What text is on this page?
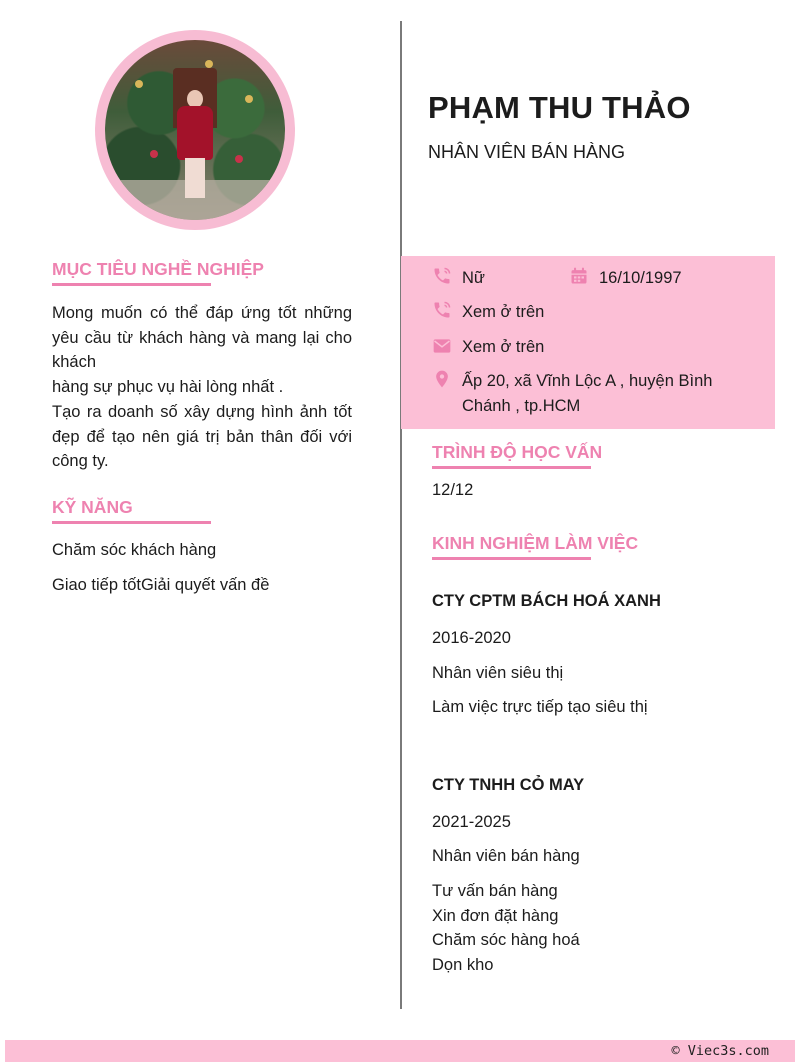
MỤC TIÊU NGHỀ NGHIỆP

Mong muốn có thể đáp ứng tốt những yêu cầu từ khách hàng và mang lại cho khách

hàng sự phục vụ hài lòng nhất .

Tạo ra doanh số xây dựng hình ảnh tốt đẹp để tạo nên giá trị bản thân đối với công ty.

KỸ NĂNG

Chăm sóc khách hàng

Giao tiếp tốtGiải quyết vấn đề

PHẠM THU THẢO

NHÂN VIÊN BÁN HÀNG

Nữ	16/10/1997

Xem ở trên

Xem ở trên

Ấp 20, xã Vĩnh Lộc A , huyện Bình

Chánh , tp.HCM

TRÌNH ĐỘ HỌC VẤN

12/12

KINH NGHIỆM LÀM VIỆC

CTY CPTM BÁCH HOÁ XANH

2016-2020

Nhân viên siêu thị

Làm việc trực tiếp tạo siêu thị

CTY TNHH CỎ MAY

2021-2025

Nhân viên bán hàng

Tư vấn bán hàng
Xin đơn đặt hàng
Chăm sóc hàng hoá
Dọn kho

© Viec3s.com
